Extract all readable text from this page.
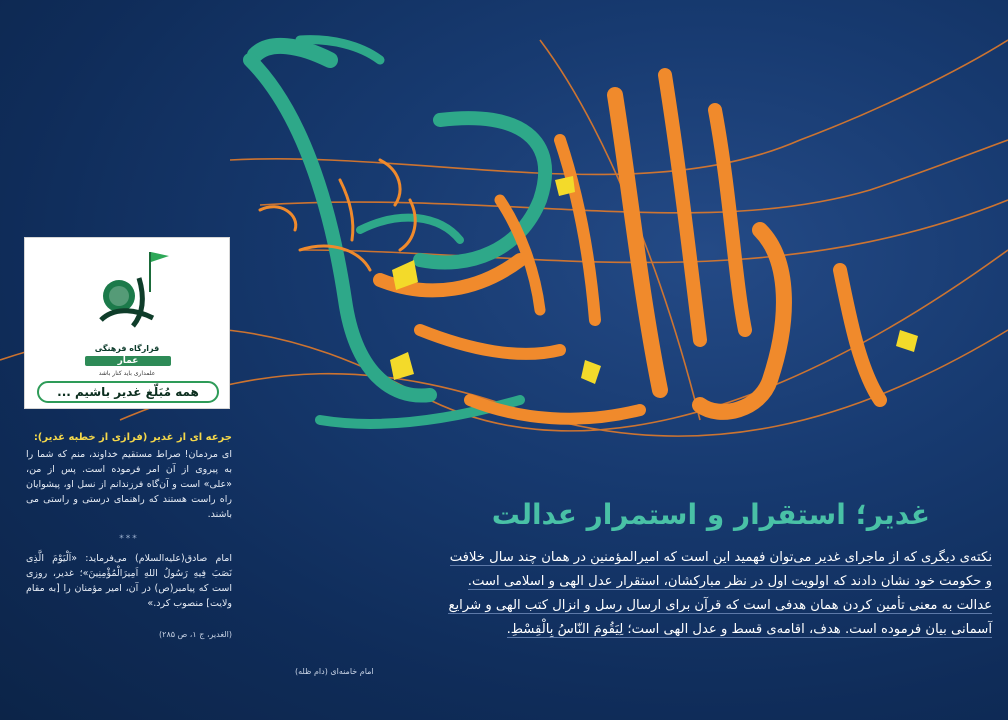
یا امیرالمؤمنین
علی
علیه السلام
قرارگاه فرهنگی
عمار
علمداری باید کنار باشد
همه مُبَلّغ غدیر باشیم ...
جرعه ای از غدیر (فرازی از خطبه غدیر):
ای مردمان! صراط مستقیم خداوند، منم که شما را به پیروی از آن امر فرموده است. پس از من، «علی» است و آن‌گاه فرزندانم از نسل او، پیشوایان راه راست هستند که راهنمای درستی و راستی می باشند.
***
امام صادق(علیه‌السلام) می‌فرماید: «اَلْیَوْمَ الَّذِی نَصَبَ فِیهِ رَسُولُ اللهِ اَمِیرَالْمُؤْمِنِینَ»؛ غدیر، روزی است که پیامبر(ص) در آن، امیر مؤمنان را [به مقام ولایت] منصوب کرد.»
(الغدیر، ج ۱، ص ۲۸۵)
غدیر؛ استقرار و استمرار عدالت
نکته‌ی دیگری که از ماجرای غدیر می‌توان فهمید این است که امیرالمؤمنین در همان چند سال خلافت
و حکومت خود نشان دادند که اولویت اول در نظر مبارکشان، استقرار عدل الهی و اسلامی است.
عدالت به معنی تأمین کردن همان هدفی است که قرآن برای ارسال رسل و انزال کتب الهی و شرایع
آسمانی بیان فرموده است. هدف، اقامه‌ی قسط و عدل الهی است؛ لِیَقُومَ النّاسُ بِالْقِسْطِ.
امام خامنه‌ای (دام ظله)
